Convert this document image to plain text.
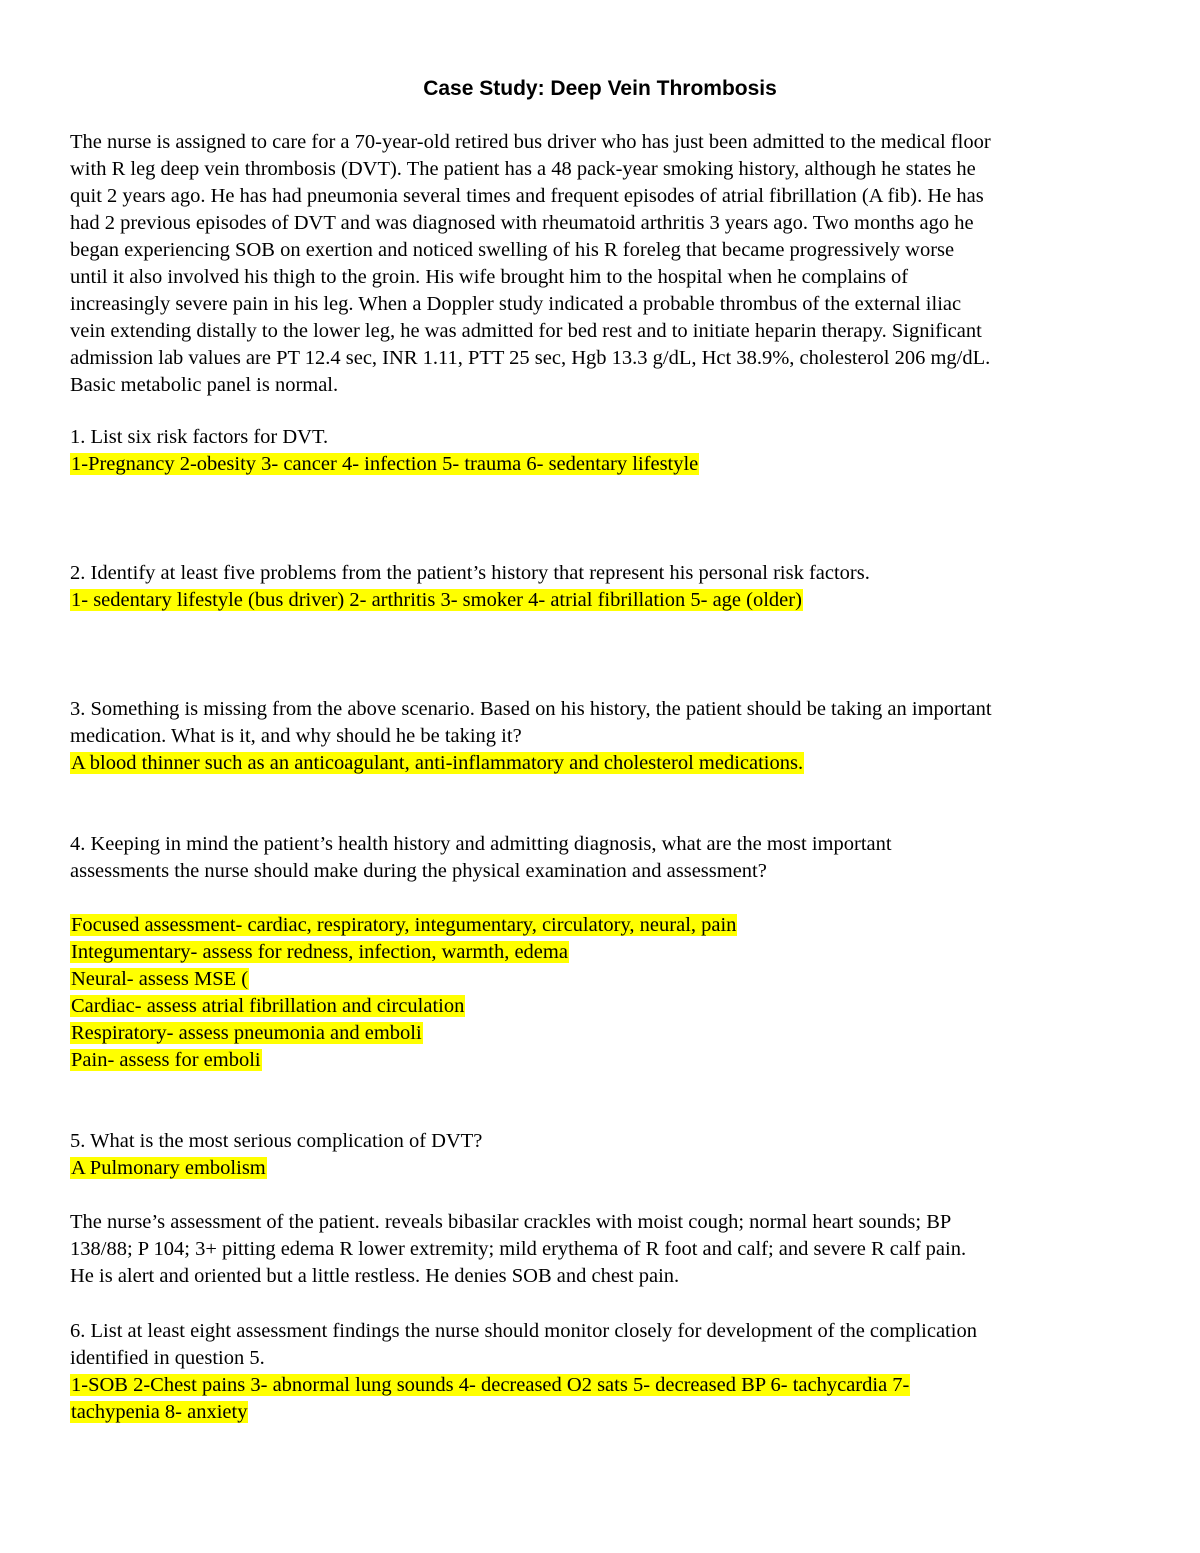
Case Study: Deep Vein Thrombosis
The nurse is assigned to care for a 70-year-old retired bus driver who has just been admitted to the medical floor
with R leg deep vein thrombosis (DVT). The patient has a 48 pack-year smoking history, although he states he
quit 2 years ago. He has had pneumonia several times and frequent episodes of atrial fibrillation (A fib). He has
had 2 previous episodes of DVT and was diagnosed with rheumatoid arthritis 3 years ago. Two months ago he
began experiencing SOB on exertion and noticed swelling of his R foreleg that became progressively worse
until it also involved his thigh to the groin. His wife brought him to the hospital when he complains of
increasingly severe pain in his leg. When a Doppler study indicated a probable thrombus of the external iliac
vein extending distally to the lower leg, he was admitted for bed rest and to initiate heparin therapy. Significant
admission lab values are PT 12.4 sec, INR 1.11, PTT 25 sec, Hgb 13.3 g/dL, Hct 38.9%, cholesterol 206 mg/dL.
Basic metabolic panel is normal.
1. List six risk factors for DVT.
1-Pregnancy 2-obesity 3- cancer 4- infection 5- trauma 6- sedentary lifestyle
2. Identify at least five problems from the patient’s history that represent his personal risk factors.
1- sedentary lifestyle (bus driver) 2- arthritis 3- smoker 4- atrial fibrillation 5- age (older)
3. Something is missing from the above scenario. Based on his history, the patient should be taking an important
medication. What is it, and why should he be taking it?
A blood thinner such as an anticoagulant, anti-inflammatory and cholesterol medications.
4. Keeping in mind the patient’s health history and admitting diagnosis, what are the most important
assessments the nurse should make during the physical examination and assessment?
Focused assessment- cardiac, respiratory, integumentary, circulatory, neural, pain
Integumentary- assess for redness, infection, warmth, edema
Neural- assess MSE (
Cardiac- assess atrial fibrillation and circulation
Respiratory- assess pneumonia and emboli
Pain- assess for emboli
5. What is the most serious complication of DVT?
A Pulmonary embolism
The nurse’s assessment of the patient. reveals bibasilar crackles with moist cough; normal heart sounds; BP
138/88; P 104; 3+ pitting edema R lower extremity; mild erythema of R foot and calf; and severe R calf pain.
He is alert and oriented but a little restless. He denies SOB and chest pain.
6. List at least eight assessment findings the nurse should monitor closely for development of the complication
identified in question 5.
1-SOB 2-Chest pains 3- abnormal lung sounds 4- decreased O2 sats 5- decreased BP 6- tachycardia 7-
tachypenia 8- anxiety
